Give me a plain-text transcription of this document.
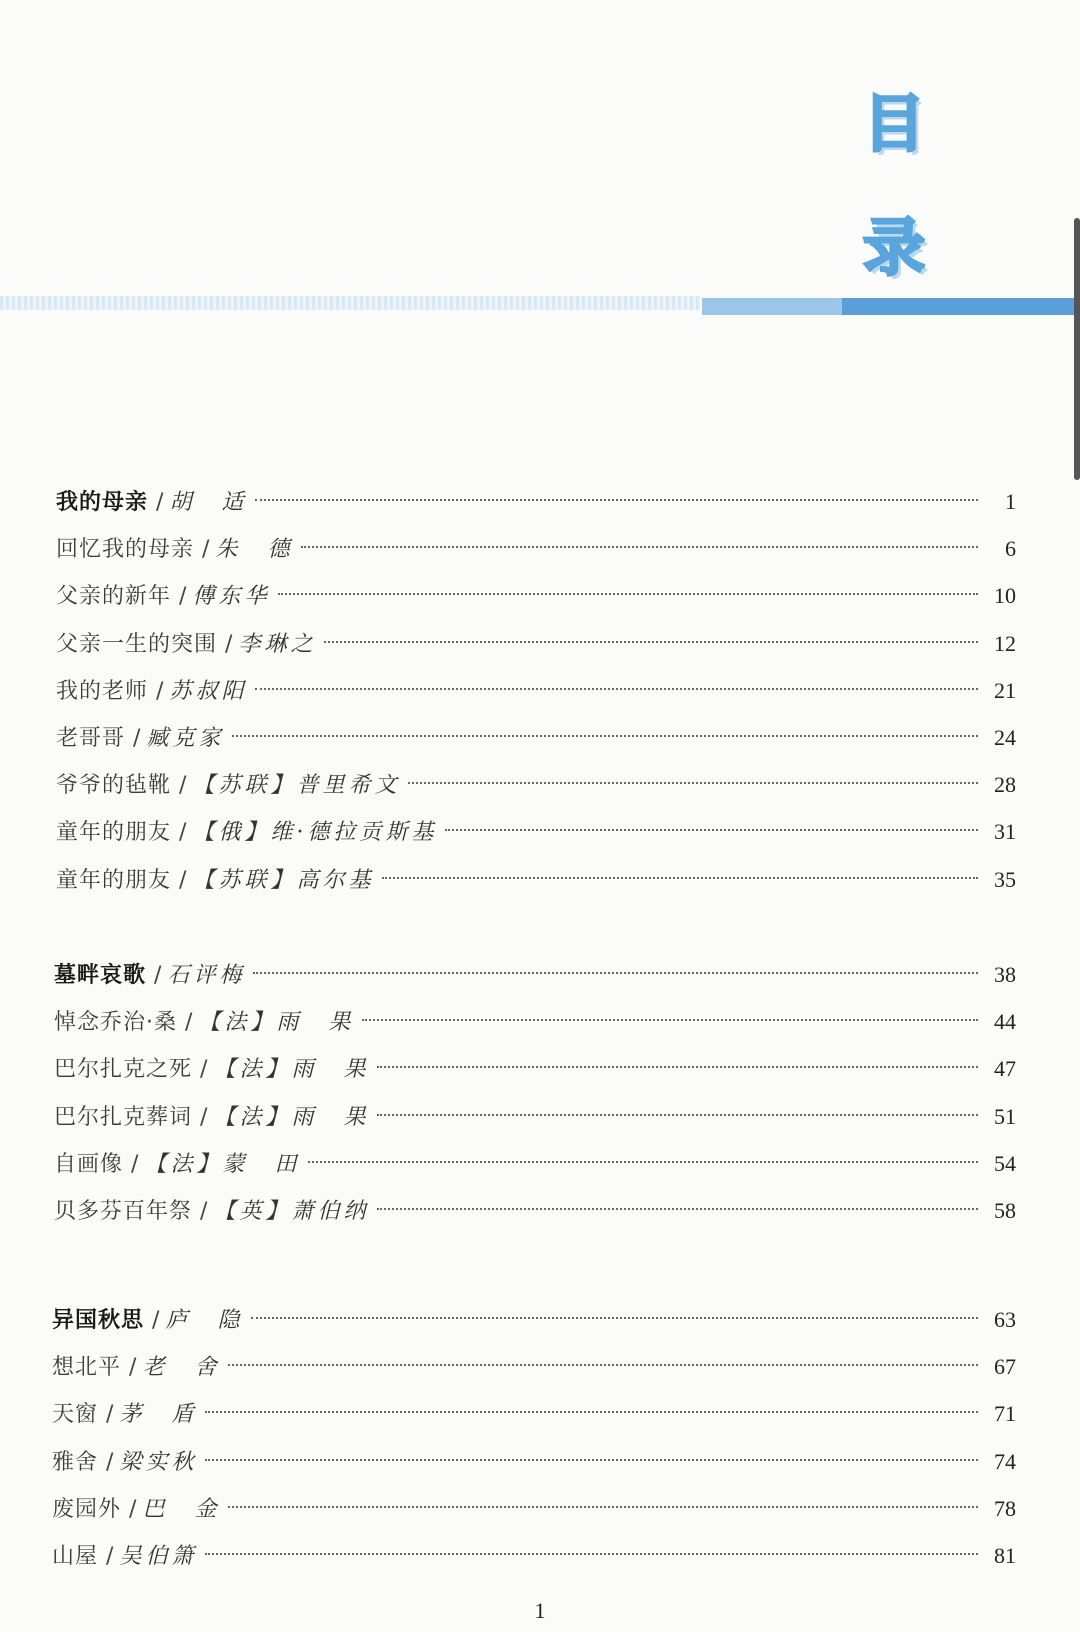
目
录
我的母亲 / 胡　适	1
回忆我的母亲 / 朱　德	6
父亲的新年 / 傅东华	10
父亲一生的突围 / 李琳之	12
我的老师 / 苏叔阳	21
老哥哥 / 臧克家	24
爷爷的毡靴 / 【苏联】普里希文	28
童年的朋友 / 【俄】维·德拉贡斯基	31
童年的朋友 / 【苏联】高尔基	35
墓畔哀歌 / 石评梅	38
悼念乔治·桑 / 【法】雨　果	44
巴尔扎克之死 / 【法】雨　果	47
巴尔扎克葬词 / 【法】雨　果	51
自画像 / 【法】蒙　田	54
贝多芬百年祭 / 【英】萧伯纳	58
异国秋思 / 庐　隐	63
想北平 / 老　舍	67
天窗 / 茅　盾	71
雅舍 / 梁实秋	74
废园外 / 巴　金	78
山屋 / 吴伯箫	81
1
